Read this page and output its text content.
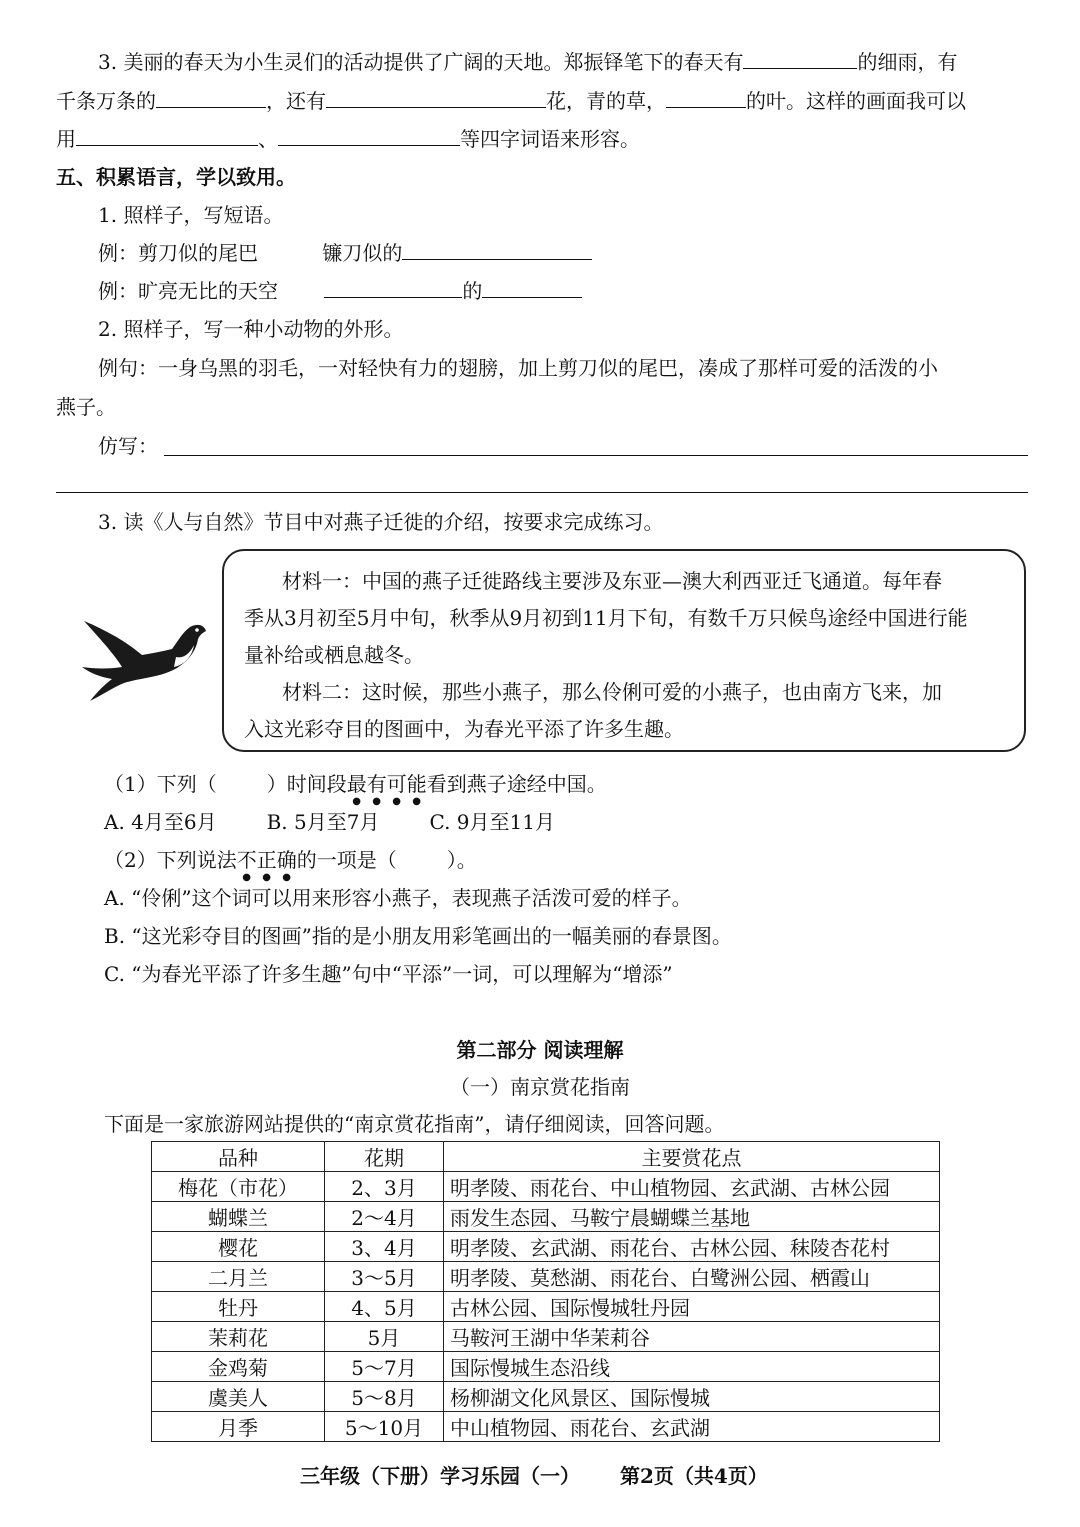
3. 美丽的春天为小生灵们的活动提供了广阔的天地。郑振铎笔下的春天有	的细雨，有
千条万条的	，还有	花，青的草，	的叶。这样的画面我可以
用	、	等四字词语来形容。
五、积累语言，学以致用。
1. 照样子，写短语。
例：剪刀似的尾巴	镰刀似的
例：旷亮无比的天空	的
2. 照样子，写一种小动物的外形。
例句：一身乌黑的羽毛，一对轻快有力的翅膀，加上剪刀似的尾巴，凑成了那样可爱的活泼的小
燕子。
仿写：
3. 读《人与自然》节目中对燕子迁徙的介绍，按要求完成练习。
材料一：中国的燕子迁徙路线主要涉及东亚—澳大利西亚迁飞通道。每年春
季从3月初至5月中旬，秋季从9月初到11月下旬，有数千万只候鸟途经中国进行能
量补给或栖息越冬。
材料二：这时候，那些小燕子，那么伶俐可爱的小燕子，也由南方飞来，加
入这光彩夺目的图画中，为春光平添了许多生趣。
（1）下列（	）时间段最有可能看到燕子途经中国。
A. 4月至6月	B. 5月至7月	C. 9月至11月
（2）下列说法不正确的一项是（	）。
A. “伶俐”这个词可以用来形容小燕子，表现燕子活泼可爱的样子。
B. “这光彩夺目的图画”指的是小朋友用彩笔画出的一幅美丽的春景图。
C. “为春光平添了许多生趣”句中“平添”一词，可以理解为“增添”
第二部分 阅读理解
（一）南京赏花指南
下面是一家旅游网站提供的“南京赏花指南”，请仔细阅读，回答问题。
品种	花期	主要赏花点
梅花（市花）	2、3月	明孝陵、雨花台、中山植物园、玄武湖、古林公园
蝴蝶兰	2～4月	雨发生态园、马鞍宁晨蝴蝶兰基地
樱花	3、4月	明孝陵、玄武湖、雨花台、古林公园、秣陵杏花村
二月兰	3～5月	明孝陵、莫愁湖、雨花台、白鹭洲公园、栖霞山
牡丹	4、5月	古林公园、国际慢城牡丹园
茉莉花	5月	马鞍河王湖中华茉莉谷
金鸡菊	5～7月	国际慢城生态沿线
虞美人	5～8月	杨柳湖文化风景区、国际慢城
月季	5～10月	中山植物园、雨花台、玄武湖
三年级（下册）学习乐园（一） 第2页（共4页）
